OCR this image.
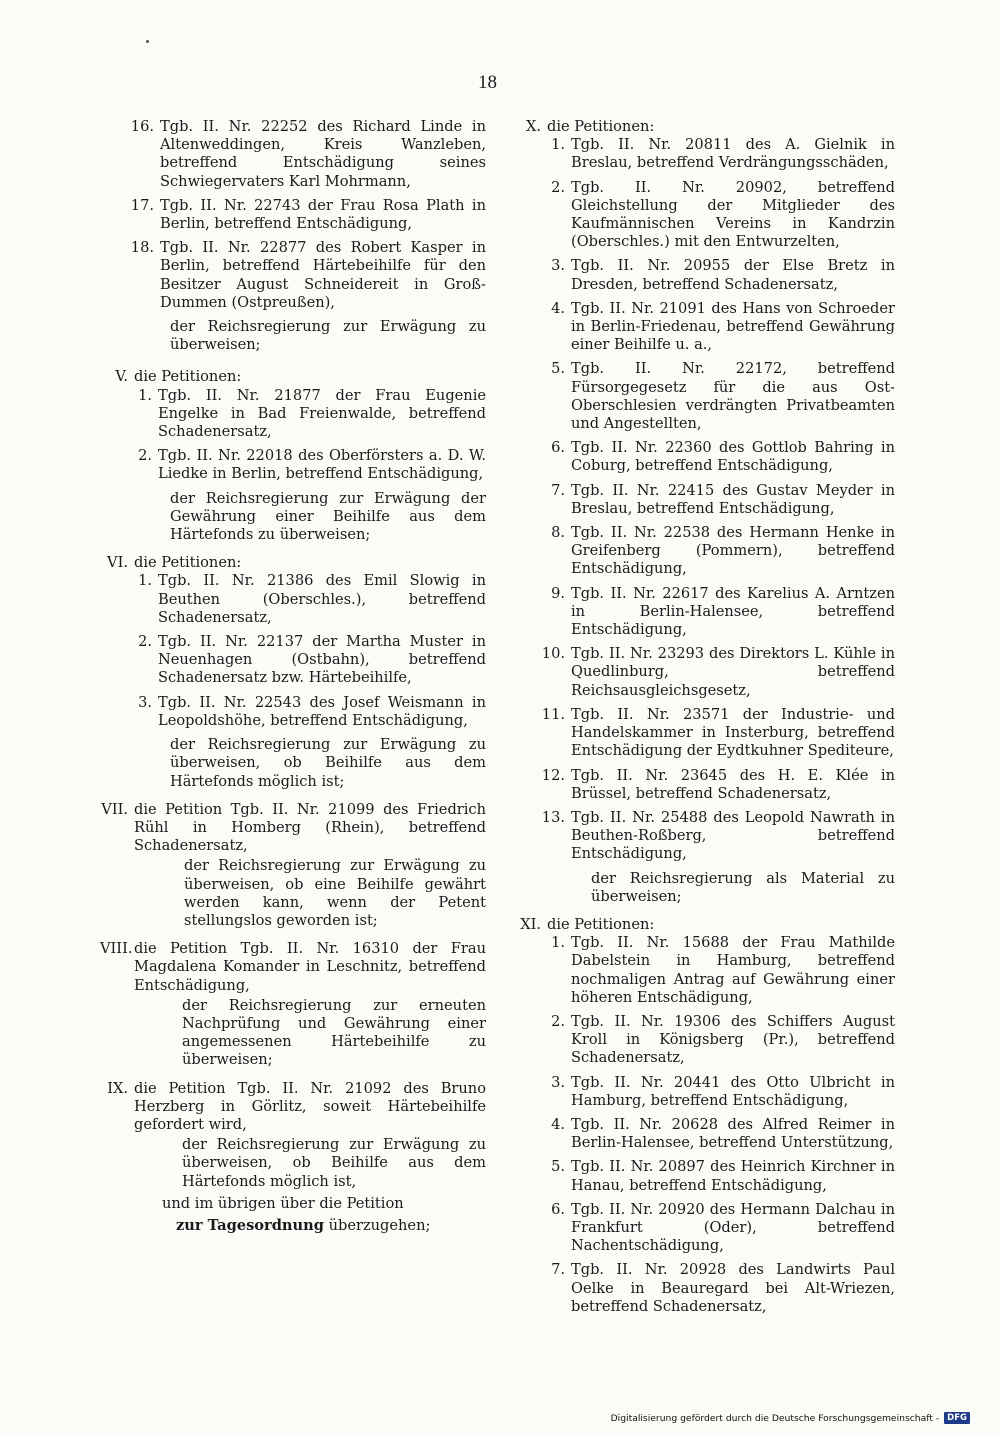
18
16. Tgb. II. Nr. 22252 des Richard Linde in Altenweddingen, Kreis Wanzleben, betreffend Entschädigung seines Schwiegervaters Karl Mohrmann,
17. Tgb. II. Nr. 22743 der Frau Rosa Plath in Berlin, betreffend Entschädigung,
18. Tgb. II. Nr. 22877 des Robert Kasper in Berlin, betreffend Härtebeihilfe für den Besitzer August Schneidereit in Groß-Dummen (Ostpreußen),
der Reichsregierung zur Erwägung zu überweisen;
V. die Petitionen:
1. Tgb. II. Nr. 21877 der Frau Eugenie Engelke in Bad Freienwalde, betreffend Schadenersatz,
2. Tgb. II. Nr. 22018 des Oberförsters a. D. W. Liedke in Berlin, betreffend Entschädigung,
der Reichsregierung zur Erwägung der Gewährung einer Beihilfe aus dem Härtefonds zu überweisen;
VI. die Petitionen:
1. Tgb. II. Nr. 21386 des Emil Slowig in Beuthen (Oberschles.), betreffend Schadenersatz,
2. Tgb. II. Nr. 22137 der Martha Muster in Neuenhagen (Ostbahn), betreffend Schadenersatz bzw. Härtebeihilfe,
3. Tgb. II. Nr. 22543 des Josef Weismann in Leopoldshöhe, betreffend Entschädigung,
der Reichsregierung zur Erwägung zu überweisen, ob Beihilfe aus dem Härtefonds möglich ist;
VII. die Petition Tgb. II. Nr. 21099 des Friedrich Rühl in Homberg (Rhein), betreffend Schadenersatz,
der Reichsregierung zur Erwägung zu überweisen, ob eine Beihilfe gewährt werden kann, wenn der Petent stellungslos geworden ist;
VIII. die Petition Tgb. II. Nr. 16310 der Frau Magdalena Komander in Leschnitz, betreffend Entschädigung,
der Reichsregierung zur erneuten Nachprüfung und Gewährung einer angemessenen Härtebeihilfe zu überweisen;
IX. die Petition Tgb. II. Nr. 21092 des Bruno Herzberg in Görlitz, soweit Härtebeihilfe gefordert wird,
der Reichsregierung zur Erwägung zu überweisen, ob Beihilfe aus dem Härtefonds möglich ist,

und im übrigen über die Petition

zur Tagesordnung überzugehen;

X. die Petitionen:
1. Tgb. II. Nr. 20811 des A. Gielnik in Breslau, betreffend Verdrängungsschäden,
2. Tgb. II. Nr. 20902, betreffend Gleichstellung der Mitglieder des Kaufmännischen Vereins in Kandrzin (Oberschles.) mit den Entwurzelten,
3. Tgb. II. Nr. 20955 der Else Bretz in Dresden, betreffend Schadenersatz,
4. Tgb. II. Nr. 21091 des Hans von Schroeder in Berlin-Friedenau, betreffend Gewährung einer Beihilfe u. a.,
5. Tgb. II. Nr. 22172, betreffend Fürsorgegesetz für die aus Ost-Oberschlesien verdrängten Privatbeamten und Angestellten,
6. Tgb. II. Nr. 22360 des Gottlob Bahring in Coburg, betreffend Entschädigung,
7. Tgb. II. Nr. 22415 des Gustav Meyder in Breslau, betreffend Entschädigung,
8. Tgb. II. Nr. 22538 des Hermann Henke in Greifenberg (Pommern), betreffend Entschädigung,
9. Tgb. II. Nr. 22617 des Karelius A. Arntzen in Berlin-Halensee, betreffend Entschädigung,
10. Tgb. II. Nr. 23293 des Direktors L. Kühle in Quedlinburg, betreffend Reichsausgleichsgesetz,
11. Tgb. II. Nr. 23571 der Industrie- und Handelskammer in Insterburg, betreffend Entschädigung der Eydtkuhner Spediteure,
12. Tgb. II. Nr. 23645 des H. E. Klée in Brüssel, betreffend Schadenersatz,
13. Tgb. II. Nr. 25488 des Leopold Nawrath in Beuthen-Roßberg, betreffend Entschädigung,
der Reichsregierung als Material zu überweisen;
XI. die Petitionen:
1. Tgb. II. Nr. 15688 der Frau Mathilde Dabelstein in Hamburg, betreffend nochmaligen Antrag auf Gewährung einer höheren Entschädigung,
2. Tgb. II. Nr. 19306 des Schiffers August Kroll in Königsberg (Pr.), betreffend Schadenersatz,
3. Tgb. II. Nr. 20441 des Otto Ulbricht in Hamburg, betreffend Entschädigung,
4. Tgb. II. Nr. 20628 des Alfred Reimer in Berlin-Halensee, betreffend Unterstützung,
5. Tgb. II. Nr. 20897 des Heinrich Kirchner in Hanau, betreffend Entschädigung,
6. Tgb. II. Nr. 20920 des Hermann Dalchau in Frankfurt (Oder), betreffend Nachentschädigung,
7. Tgb. II. Nr. 20928 des Landwirts Paul Oelke in Beauregard bei Alt-Wriezen, betreffend Schadenersatz,
Digitalisierung gefördert durch die Deutsche Forschungsgemeinschaft - DFG
